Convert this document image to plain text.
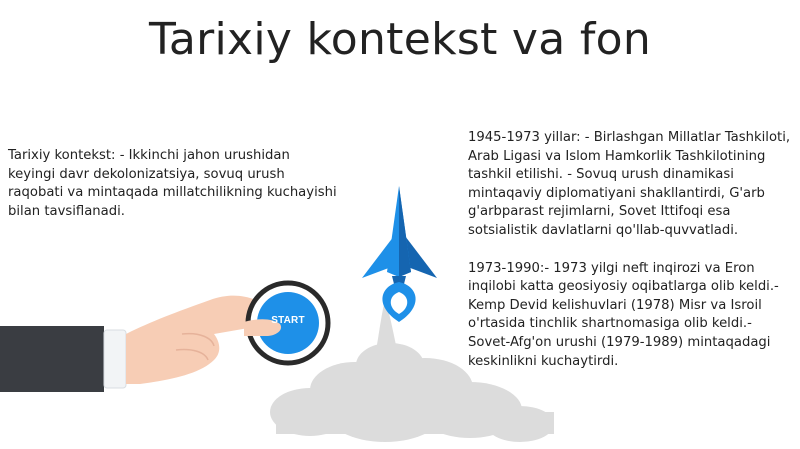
Tarixiy kontekst va fon

Tarixiy kontekst: - Ikkinchi jahon urushidan keyingi davr dekolonizatsiya, sovuq urush raqobati va mintaqada millatchilikning kuchayishi bilan tavsiflanadi.

1945-1973 yillar: - Birlashgan Millatlar Tashkiloti, Arab Ligasi va Islom Hamkorlik Tashkilotining tashkil etilishi. - Sovuq urush dinamikasi mintaqaviy diplomatiyani shakllantirdi, G'arb g'arbparast rejimlarni, Sovet Ittifoqi esa sotsialistik davlatlarni qo'llab-quvvatladi.

1973-1990:- 1973 yilgi neft inqirozi va Eron inqilobi katta geosiyosiy oqibatlarga olib keldi.- Kemp Devid kelishuvlari (1978) Misr va Isroil o'rtasida tinchlik shartnomasiga olib keldi.- Sovet-Afg'on urushi (1979-1989) mintaqadagi keskinlikni kuchaytirdi.

START
